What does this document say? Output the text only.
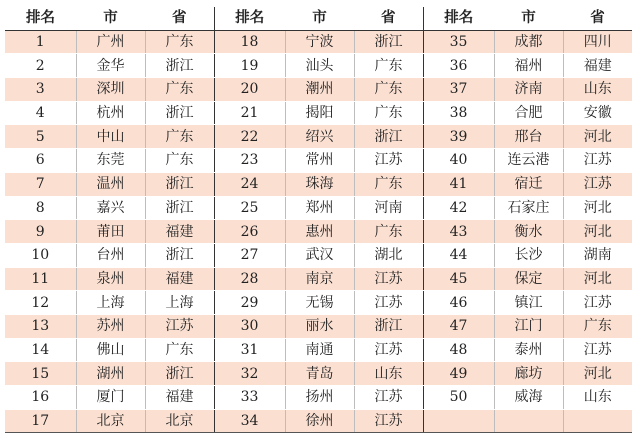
排名	市	省	排名	市	省	排名	市	省
1	广州	广东	18	宁波	浙江	35	成都	四川
2	金华	浙江	19	汕头	广东	36	福州	福建
3	深圳	广东	20	潮州	广东	37	济南	山东
4	杭州	浙江	21	揭阳	广东	38	合肥	安徽
5	中山	广东	22	绍兴	浙江	39	邢台	河北
6	东莞	广东	23	常州	江苏	40	连云港	江苏
7	温州	浙江	24	珠海	广东	41	宿迁	江苏
8	嘉兴	浙江	25	郑州	河南	42	石家庄	河北
9	莆田	福建	26	惠州	广东	43	衡水	河北
10	台州	浙江	27	武汉	湖北	44	长沙	湖南
11	泉州	福建	28	南京	江苏	45	保定	河北
12	上海	上海	29	无锡	江苏	46	镇江	江苏
13	苏州	江苏	30	丽水	浙江	47	江门	广东
14	佛山	广东	31	南通	江苏	48	泰州	江苏
15	湖州	浙江	32	青岛	山东	49	廊坊	河北
16	厦门	福建	33	扬州	江苏	50	威海	山东
17	北京	北京	34	徐州	江苏			
